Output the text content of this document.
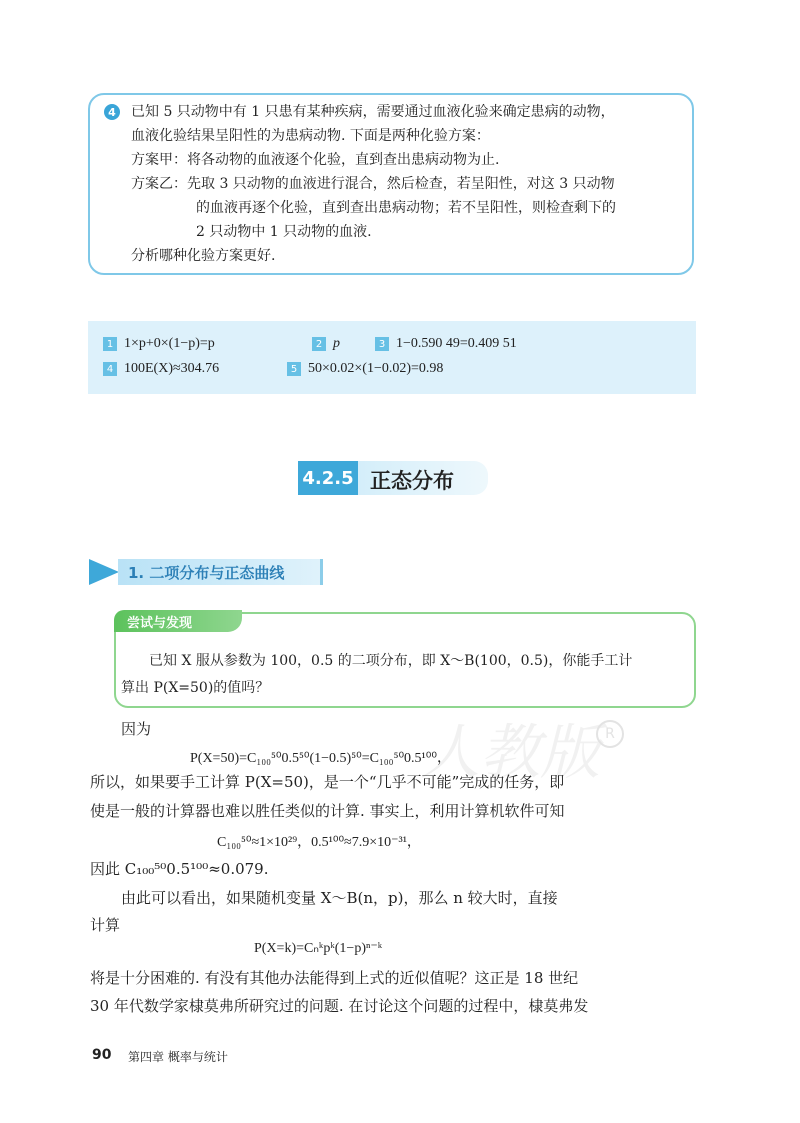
4 已知 5 只动物中有 1 只患有某种疾病，需要通过血液化验来确定患病的动物，
血液化验结果呈阳性的为患病动物. 下面是两种化验方案：
方案甲：将各动物的血液逐个化验，直到查出患病动物为止.
方案乙：先取 3 只动物的血液进行混合，然后检查，若呈阳性，对这 3 只动物
的血液再逐个化验，直到查出患病动物；若不呈阳性，则检查剩下的
2 只动物中 1 只动物的血液.
分析哪种化验方案更好.
1 1×p+0×(1−p)=p	2 p	3 1−0.590 49=0.409 51
4 100E(X)≈304.76	5 50×0.02×(1−0.02)=0.98
4.2.5 正态分布
1. 二项分布与正态曲线
尝试与发现
已知 X 服从参数为 100，0.5 的二项分布，即 X～B(100，0.5)，你能手工计
算出 P(X=50)的值吗？
人教版 R
因为
P(X=50)=C₁₀₀⁵⁰0.5⁵⁰(1−0.5)⁵⁰=C₁₀₀⁵⁰0.5¹⁰⁰，
所以，如果要手工计算 P(X=50)，是一个“几乎不可能”完成的任务，即
使是一般的计算器也难以胜任类似的计算. 事实上，利用计算机软件可知
C₁₀₀⁵⁰≈1×10²⁹，0.5¹⁰⁰≈7.9×10⁻³¹，
因此 C₁₀₀⁵⁰0.5¹⁰⁰≈0.079.
由此可以看出，如果随机变量 X～B(n，p)，那么 n 较大时，直接
计算
P(X=k)=Cₙᵏpᵏ(1−p)ⁿ⁻ᵏ
将是十分困难的. 有没有其他办法能得到上式的近似值呢？这正是 18 世纪
30 年代数学家棣莫弗所研究过的问题. 在讨论这个问题的过程中，棣莫弗发
90 第四章 概率与统计
